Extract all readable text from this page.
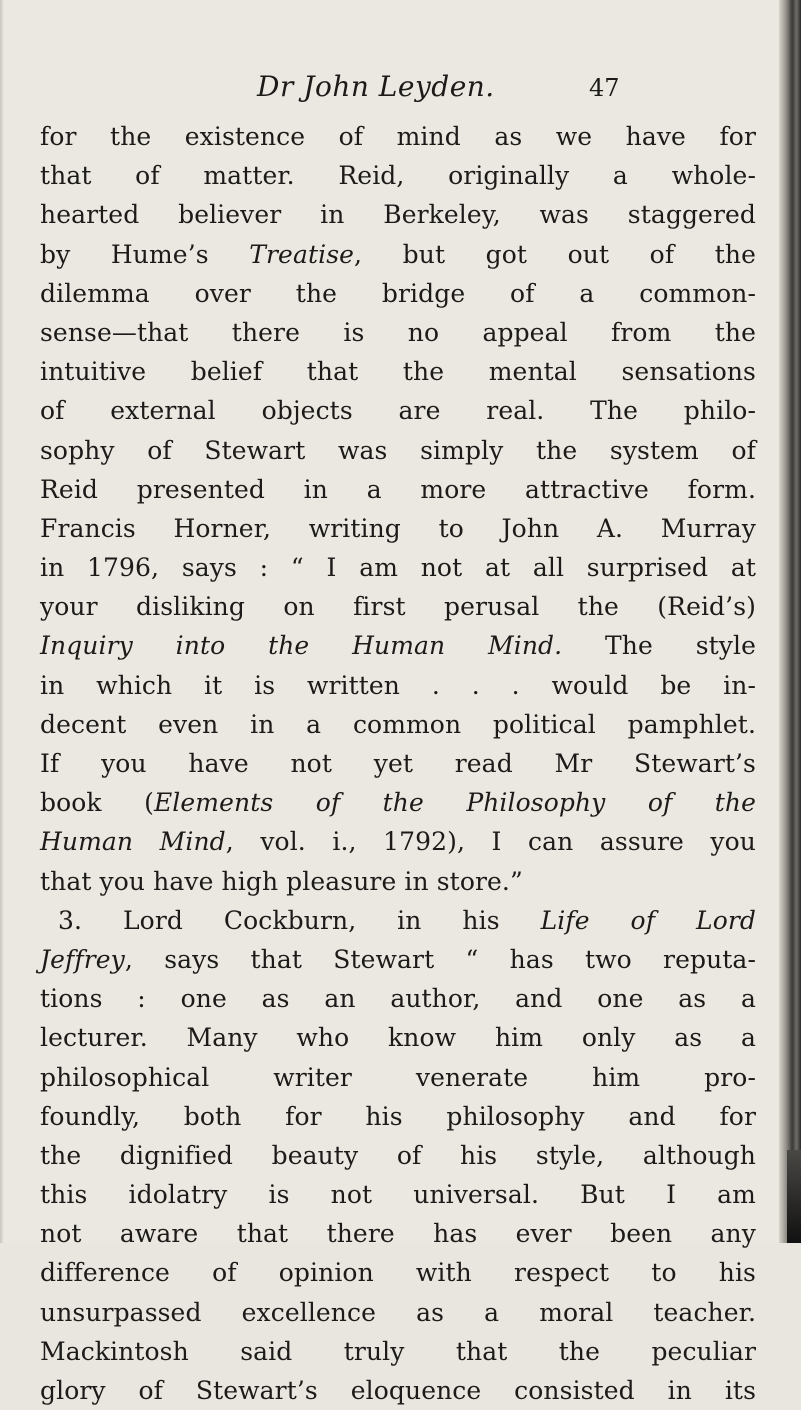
Dr John Leyden.	47
for the existence of mind as we have for
that of matter. Reid, originally a whole-
hearted believer in Berkeley, was staggered
by Hume’s Treatise, but got out of the
dilemma over the bridge of a common-
sense—that there is no appeal from the
intuitive belief that the mental sensations
of external objects are real. The philo-
sophy of Stewart was simply the system of
Reid presented in a more attractive form.
Francis Horner, writing to John A. Murray
in 1796, says : “ I am not at all surprised at
your disliking on first perusal the (Reid’s)
Inquiry into the Human Mind. The style
in which it is written . . . would be in-
decent even in a common political pamphlet.
If you have not yet read Mr Stewart’s
book (Elements of the Philosophy of the
Human Mind, vol. i., 1792), I can assure you
that you have high pleasure in store.”
3. Lord Cockburn, in his Life of Lord
Jeffrey, says that Stewart “ has two reputa-
tions : one as an author, and one as a
lecturer. Many who know him only as a
philosophical writer venerate him pro-
foundly, both for his philosophy and for
the dignified beauty of his style, although
this idolatry is not universal. But I am
not aware that there has ever been any
difference of opinion with respect to his
unsurpassed excellence as a moral teacher.
Mackintosh said truly that the peculiar
glory of Stewart’s eloquence consisted in its
